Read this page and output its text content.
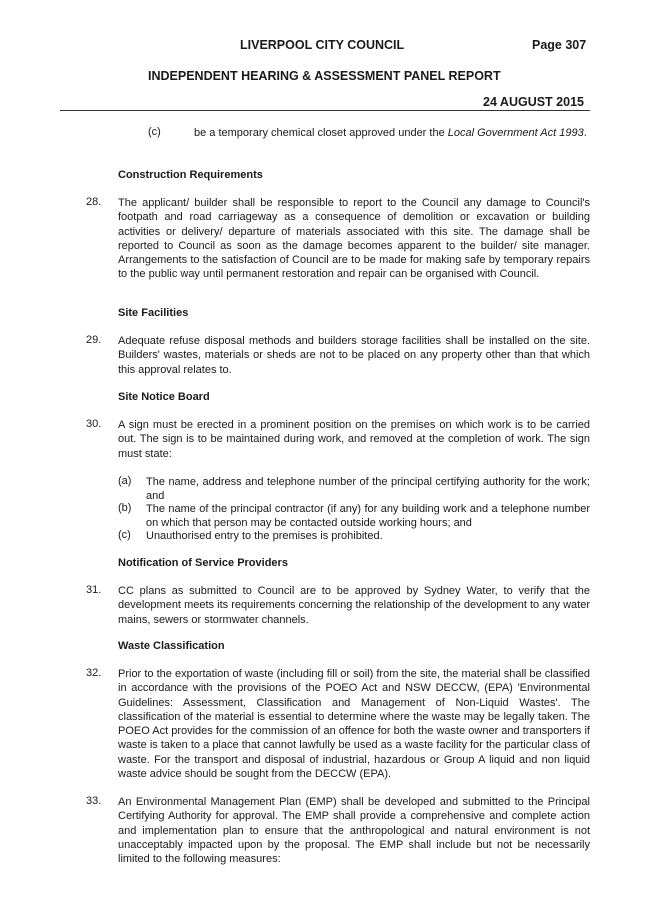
LIVERPOOL CITY COUNCIL	Page 307
INDEPENDENT HEARING & ASSESSMENT PANEL REPORT
24 AUGUST 2015
(c)	be a temporary chemical closet approved under the Local Government Act 1993.
Construction Requirements
28. The applicant/ builder shall be responsible to report to the Council any damage to Council's footpath and road carriageway as a consequence of demolition or excavation or building activities or delivery/ departure of materials associated with this site. The damage shall be reported to Council as soon as the damage becomes apparent to the builder/ site manager. Arrangements to the satisfaction of Council are to be made for making safe by temporary repairs to the public way until permanent restoration and repair can be organised with Council.
Site Facilities
29. Adequate refuse disposal methods and builders storage facilities shall be installed on the site. Builders' wastes, materials or sheds are not to be placed on any property other than that which this approval relates to.
Site Notice Board
30. A sign must be erected in a prominent position on the premises on which work is to be carried out. The sign is to be maintained during work, and removed at the completion of work. The sign must state:
(a) The name, address and telephone number of the principal certifying authority for the work; and
(b) The name of the principal contractor (if any) for any building work and a telephone number on which that person may be contacted outside working hours; and
(c) Unauthorised entry to the premises is prohibited.
Notification of Service Providers
31. CC plans as submitted to Council are to be approved by Sydney Water, to verify that the development meets its requirements concerning the relationship of the development to any water mains, sewers or stormwater channels.
Waste Classification
32. Prior to the exportation of waste (including fill or soil) from the site, the material shall be classified in accordance with the provisions of the POEO Act and NSW DECCW, (EPA) 'Environmental Guidelines: Assessment, Classification and Management of Non-Liquid Wastes'. The classification of the material is essential to determine where the waste may be legally taken. The POEO Act provides for the commission of an offence for both the waste owner and transporters if waste is taken to a place that cannot lawfully be used as a waste facility for the particular class of waste. For the transport and disposal of industrial, hazardous or Group A liquid and non liquid waste advice should be sought from the DECCW (EPA).
33. An Environmental Management Plan (EMP) shall be developed and submitted to the Principal Certifying Authority for approval. The EMP shall provide a comprehensive and complete action and implementation plan to ensure that the anthropological and natural environment is not unacceptably impacted upon by the proposal. The EMP shall include but not be necessarily limited to the following measures:
